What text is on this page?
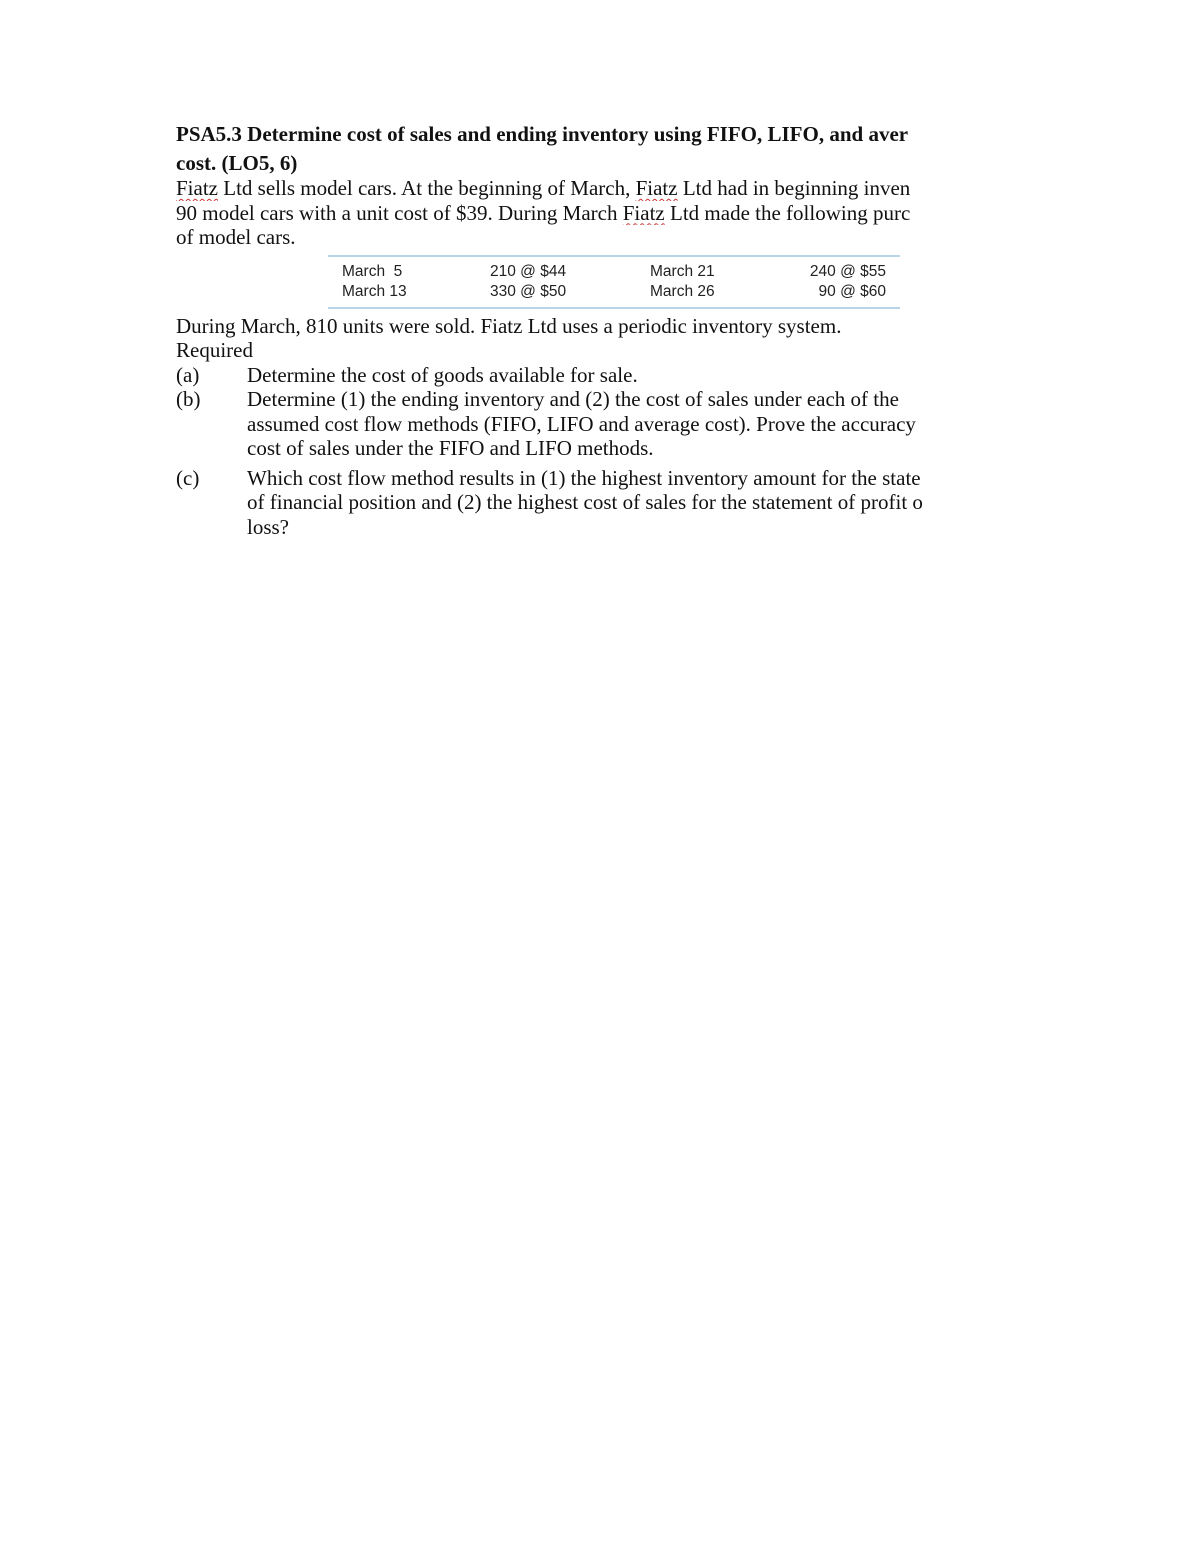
PSA5.3 Determine cost of sales and ending inventory using FIFO, LIFO, and aver
cost. (LO5, 6)
Fiatz Ltd sells model cars. At the beginning of March, Fiatz Ltd had in beginning inven
90 model cars with a unit cost of $39. During March Fiatz Ltd made the following purc
of model cars.
March  5	210 @ $44	March 21	240 @ $55
March 13	330 @ $50	March 26	90 @ $60
During March, 810 units were sold. Fiatz Ltd uses a periodic inventory system.
Required
(a)	Determine the cost of goods available for sale.
(b)	Determine (1) the ending inventory and (2) the cost of sales under each of the
assumed cost flow methods (FIFO, LIFO and average cost). Prove the accuracy
cost of sales under the FIFO and LIFO methods.
(c)	Which cost flow method results in (1) the highest inventory amount for the state
of financial position and (2) the highest cost of sales for the statement of profit o
loss?
